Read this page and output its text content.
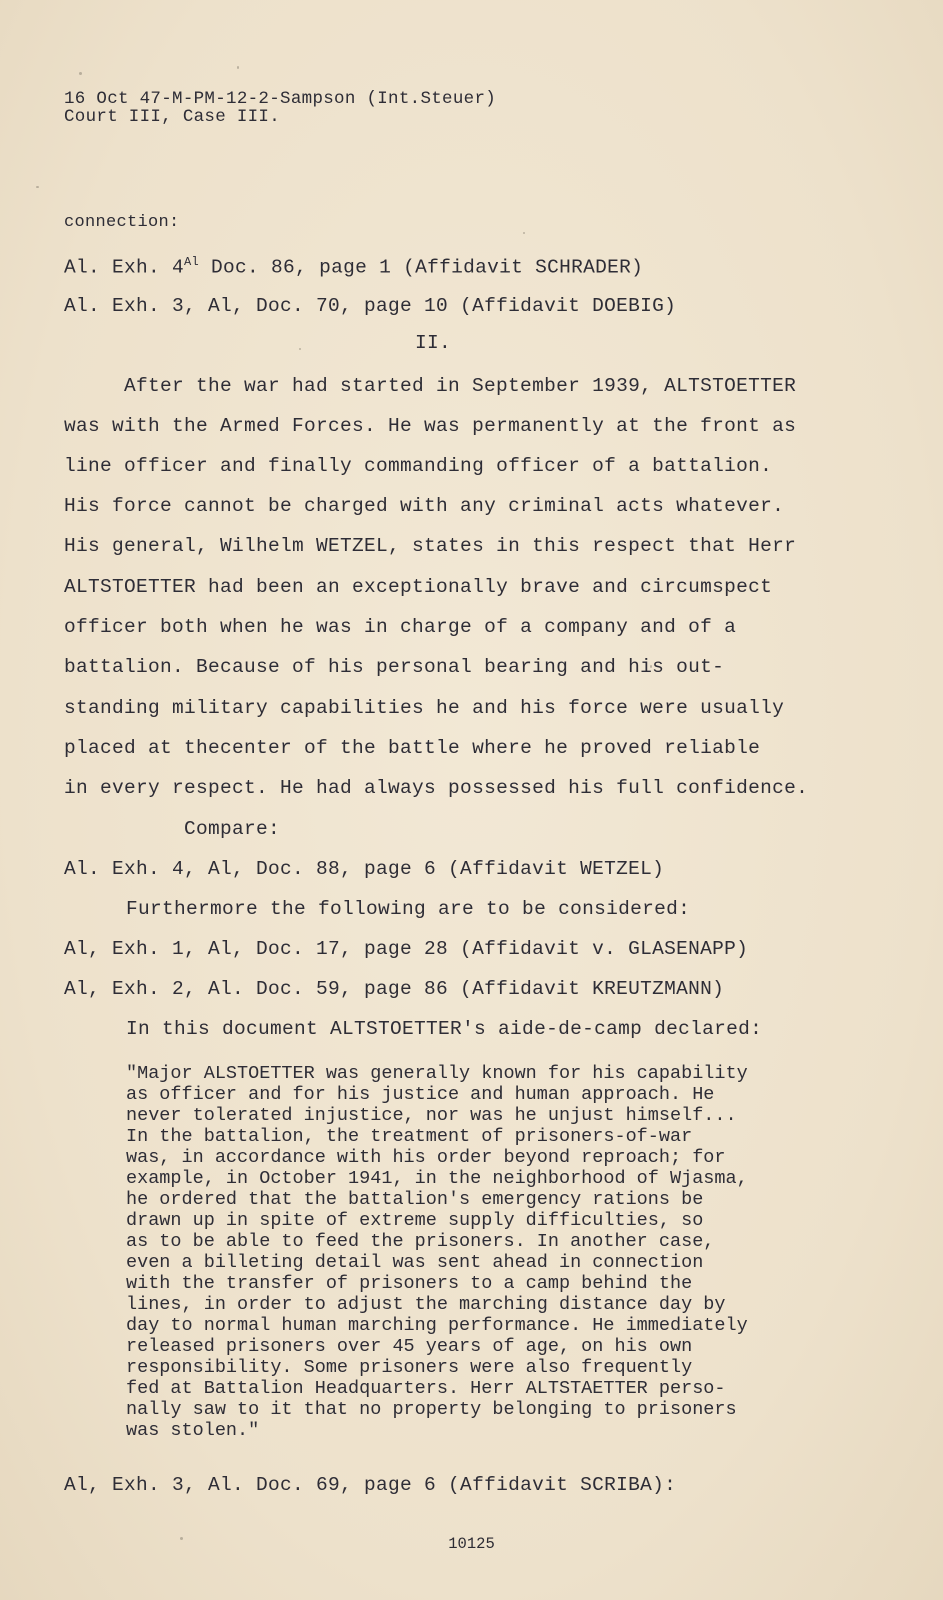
16 Oct 47-M-PM-12-2-Sampson (Int.Steuer)
Court III, Case III.
connection:
Al. Exh. $4^{Al}$ Doc. 86, page 1 (Affidavit SCHRADER)
Al. Exh. 3, Al, Doc. 70, page 10 (Affidavit DOEBIG)
II.
After the war had started in September 1939, ALTSTOETTER
was with the Armed Forces. He was permanently at the front as
line officer and finally commanding officer of a battalion.
His force cannot be charged with any criminal acts whatever.
His general, Wilhelm WETZEL, states in this respect that Herr
ALTSTOETTER had been an exceptionally brave and circumspect
officer both when he was in charge of a company and of a
battalion. Because of his personal bearing and his out-
standing military capabilities he and his force were usually
placed at thecenter of the battle where he proved reliable
in every respect. He had always possessed his full confidence.
Compare:
Al. Exh. 4, Al, Doc. 88, page 6 (Affidavit WETZEL)
Furthermore the following are to be considered:
Al, Exh. 1, Al, Doc. 17, page 28 (Affidavit v. GLASENAPP)
Al, Exh. 2, Al. Doc. 59, page 86 (Affidavit KREUTZMANN)
In this document ALTSTOETTER's aide-de-camp declared:
"Major ALSTOETTER was generally known for his capability
as officer and for his justice and human approach. He
never tolerated injustice, nor was he unjust himself...
In the battalion, the treatment of prisoners-of-war
was, in accordance with his order beyond reproach; for
example, in October 1941, in the neighborhood of Wjasma,
he ordered that the battalion's emergency rations be
drawn up in spite of extreme supply difficulties, so
as to be able to feed the prisoners. In another case,
even a billeting detail was sent ahead in connection
with the transfer of prisoners to a camp behind the
lines, in order to adjust the marching distance day by
day to normal human marching performance. He immediately
released prisoners over 45 years of age, on his own
responsibility. Some prisoners were also frequently
fed at Battalion Headquarters. Herr ALTSTAETTER perso-
nally saw to it that no property belonging to prisoners
was stolen."
Al, Exh. 3, Al. Doc. 69, page 6 (Affidavit SCRIBA):
10125
